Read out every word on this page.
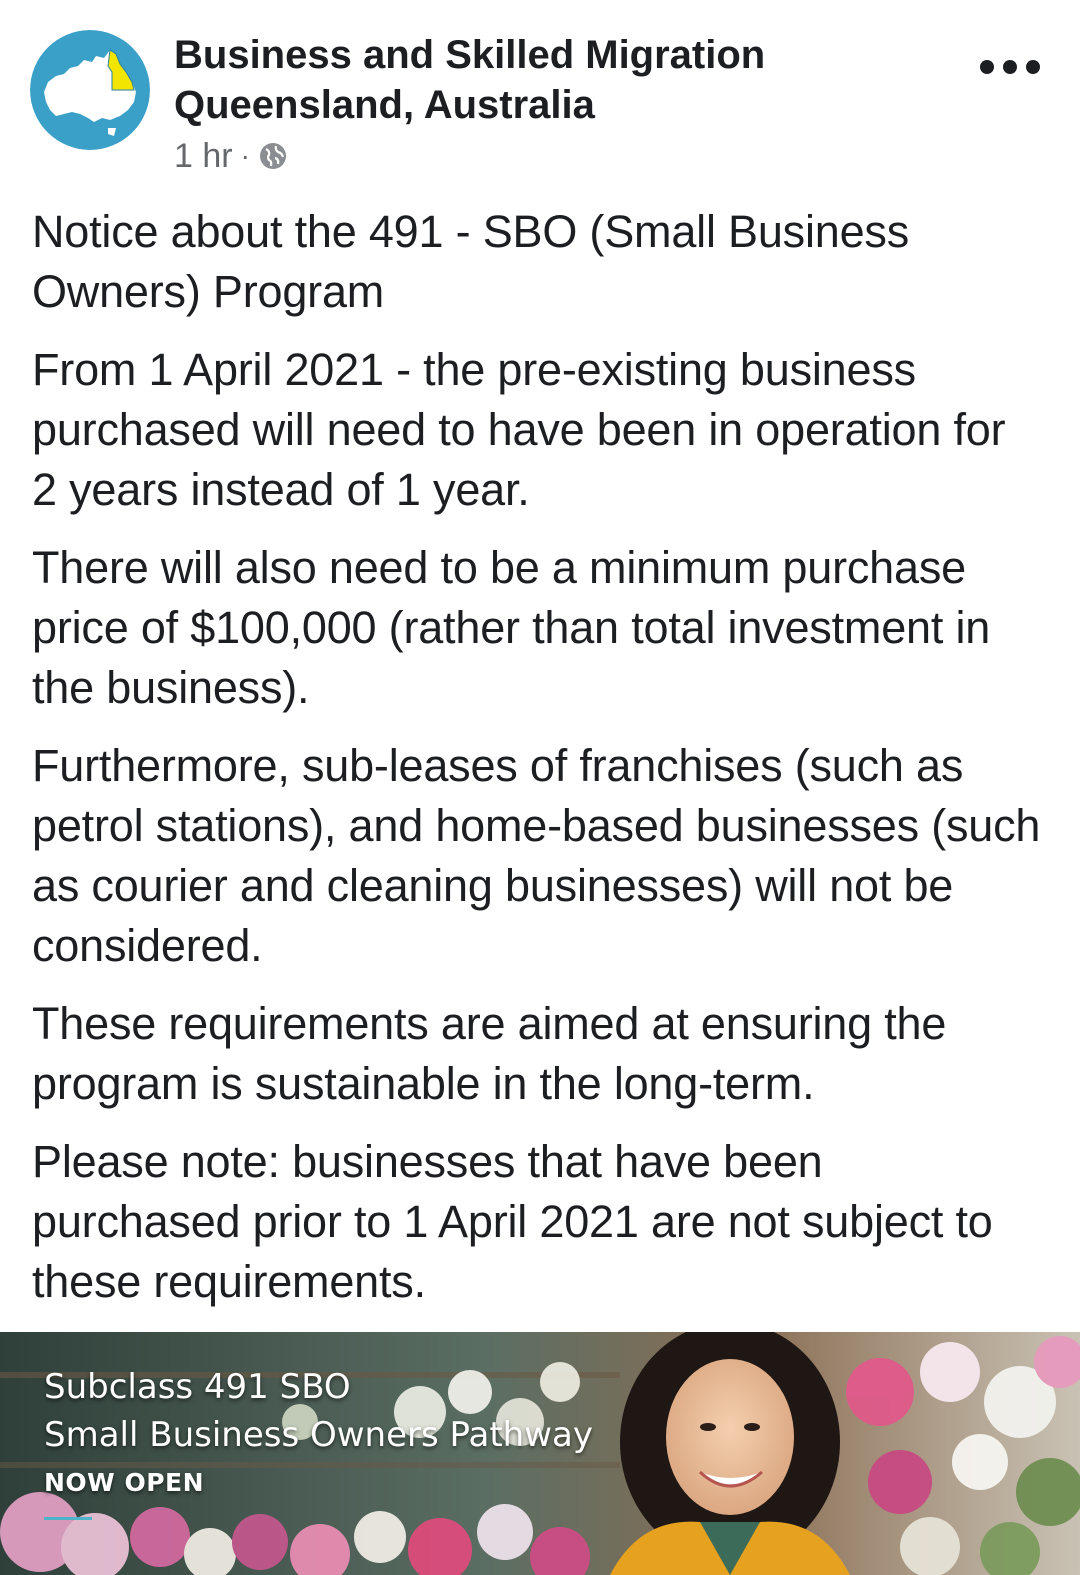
Business and Skilled Migration Queensland, Australia
1 hr ·

Notice about the 491 - SBO (Small Business Owners) Program

From 1 April 2021 - the pre-existing business purchased will need to have been in operation for 2 years instead of 1 year.

There will also need to be a minimum purchase price of $100,000 (rather than total investment in the business).

Furthermore, sub-leases of franchises (such as petrol stations), and home-based businesses (such as courier and cleaning businesses) will not be considered.

These requirements are aimed at ensuring the program is sustainable in the long-term.

Please note: businesses that have been purchased prior to 1 April 2021 are not subject to these requirements.

Subclass 491 SBO
Small Business Owners Pathway
NOW OPEN
